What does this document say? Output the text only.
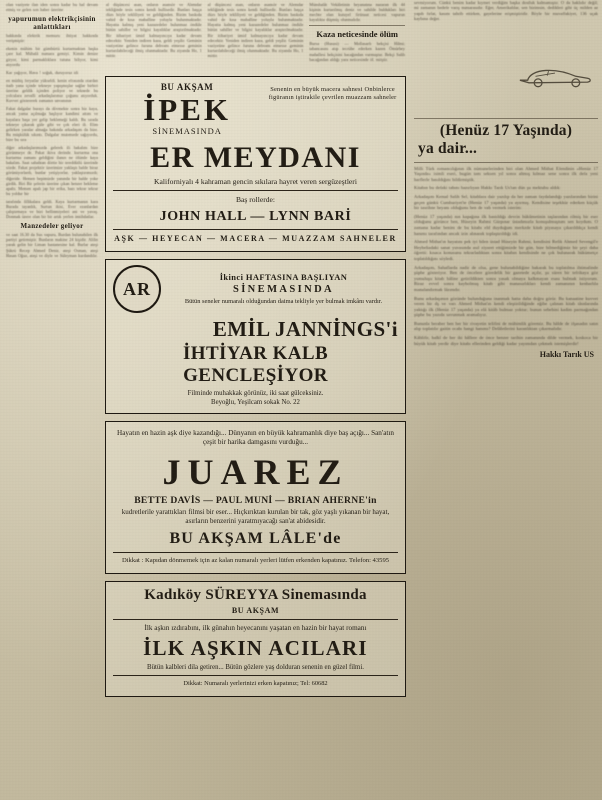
olan vaziyete ilan iden sonra kadar bu hal devam etmiş ve gelen son haber üzerine

yapurumun elektrikçisinin anlattıkları

hakkında elektrik memuru ihtiyat hakkında verişmiştir:

ekenin mühim bir gümbürtü kurtarmaktan başka çare kal. Mübalâ numara gemiyi. Kimin denize giryor, kimi parmaklıklara tutuna biliyor, kimi atıyordu

Kar yağıyor, Hava ! soğuk, duruyoruz idi

en müthiş feryatlar yükseldi. kenin efrasında otardan itaib yana içinde tekneye yapışmışlar sağlar birbiri üzerine geldik içinden poliyor ve teknede bu yolculara zevalli arkadaşlarımız çoğunu atıyorduk. Kuvvet göstererek zamanın unvanının

Fakat dalgalar burayı da dövmekte sonra biz kaya, ancak yama açılmağa başlıyor kandimi attım ve kayalara başa yer gelip beklemeği kaldı. Bu sırada tekneye çıkarak güle gibi ve çok eleri ili. Elim gelirken yaralar almağa bakında arkadaşım da bize. Bu müşkülük sıkıntı. Dalgalar mutemede sağıyordu, bize bu sıra

diğer arkadaşlarımızda gelerek ili bakalım bize görünmeye de. Pakat ikiva derinde. kurtarma ona kurtarma zamanı geldiğini ilanın ne ölümle kaya bakalım. Saat sabahtan dörtte bir tereddütlü üzerinde sözde. Fakat projektör üzerimize yaklaştı halde biraz görünüyorlardı, bunlar yetişiyorlar, yaklaştırımızdı; diğeride. Hemen bepimizde yanında bir halde yoke girdik. Biri Bir şeferin üzerine çıkan benzer bekleme apaltı. Memen apalı jap bir erika, bazı tekrar tekrar bu yoldur bir

tarafında fillikalara geldi. Kaya kurtarmanın kara Burada tayanlık, Surtun ikisi, Ever ezanlardan çalıştırmaya ve bizi bellinmiyeleri ani ve yavaş. Donmak üzere olan bir bir artık yerlen imtihdatlar.

Manzedeler geliyor

ve saat 16.30 da Sus vapuru, Burdan bulunabilen ilk partiyi getirmiştir. Bunların makine 24 kişidir. Alilin yarak gelin bir Liman hastanesine kal. Burlar ateşi Şükrü Recep Ahmed Deniz, ateşi Osman, ateşi Hasan Oğuz, ateşi ve diyle ve Süleyman kurdandılır.

al düşüncesi asan, onların asansör ve Alemdar tekliğinde tesis sonra kendi hullisedir. Bunları haşça düzs böyle tekliliyeti ve geldiğinden. Bizim baskıda vahid de kısa mahalline yoluyla bulunmaktadır. Hayatta kalmış yeni kazazedeler bulunmaz öndüle bütün sahiller ve bilgisi kayalıklar araştırılmaktadır. Bir itibariyet ümid kalmayıncıya kadar devam edecektir. Yeniden indiren kaza, geldi yeşilir. Geminin vaziyetine gelince furuna dehvam etmesse geminin kurtarılabileceği ilmiş olunmaktadır. Bu ziyanda Ho, 1 mittir.
al düşüncesi asan, onların asansör ve Alemdar tekliğinde tesis sonra kendi hullisedir. Bunları haşça düzs böyle tekliliyeti ve geldiğinden. Bizim baskıda vahid de kısa mahalline yoluyla bulunmaktadır. Hayatta kalmış yeni kazazedeler bulunmaz öndüle bütün sahiller ve bilgisi kayalıklar araştırılmaktadır. Bir itibariyet ümid kalmayıncıya kadar devam edecektir. Yeniden indiren kaza, geldi yeşilir. Geminin vaziyetine gelince furuna dehvam etmesse geminin kurtarılabileceği ilmiş olunmaktadır. Bu ziyanda Ho, 1 mittir.
Münshalât Vekâletinin heyanatına nazaran ilk 44 kişinin kurtarılmış deniz ve sahilde buldukları biri mecbte olan kutuyel firtinaat neticesi vapurun kayalıkta düşmüş olunmalıdır.
Kaza neticesinde ölüm
Bursa (Hususi) — Mollasarfı bekçisi Hilmi; tabancasını atıp tecrübe ederken kazen Ömürbey mahallesi bekçisini bacağından vurmuştur. Bekçi Salih bacağından aldığı yara neticesinde öl. mitştir.
BU AKŞAM
İPEK
SİNEMASINDA
Senenin en büyük macera sahnesi Onbinlerce figüranın iştirakile çevrilen muazzam sahneler
ER MEYDANI
Kaliforniyalı 4 kahraman gencin sıkılara hayret veren sergüzeştleri
Baş rollerde:
JOHN HALL — LYNN BARİ
AŞK — HEYECAN — MACERA — MUAZZAM SAHNELER
AR
İkinci HAFTASINA BAŞLIYAN
SİNEMASINDA
Bütün seneler numaralı olduğundan daima tekliyle yer bulmak imkânı vardır.
EMİL JANNİNGS'i
İHTİYAR KALB GENCLEŞİYOR
Filminde muhakkak görünüz, iki saat gülceksiniz.
Beyoğlu, Yeşilcam sokak No. 22
Hayatın en hazin aşk diye kazandığı... Dünyanın en büyük kahramanlık diye baş açığı... San'atın çeşit bir harika damgasını vurduğu...
JUAREZ
BETTE DAVİS — PAUL MUNİ — BRIAN AHERNE'in
kudretlerile yarattıkları filmsi bir eser... Hıçkırıktan kurulan bir tak, göz yaşlı yıkanan bir hayat, asırların benzerini yaratmıyacağı san'at abidesidir.
BU AKŞAM LÂLE'de
Dikkat : Kapıdan dönmemek için az kalan numaralı yerleri lütfen erkenden kapatınız. Telefon: 43595
Kadıköy SÜREYYA Sinemasında
BU AKŞAM
İlk aşkın ızdırabını, ilk günahın heyecanını yaşatan en hazin bir hayat romanı
İLK AŞKIN ACILARI
Bütün kalbleri dila getiren... Bütün gözlere yaş dolduran senenin en güzel filmi.
Dikkat: Numaralı yerlerinizi erken kapatınız; Tel: 60682
sevmiyorum. Cünkü benim kadar kıymet verdiğim başka dostluk kalmamıştır. O da haklıdır değil; mi zamanın hedefe varış numarasıdır. Eğer, Amerikalılar, sen bizimsin, dedikleri gibi üç milden az yapıb fırlat, kasım tahrib ettirken, gayelerine erişmiştiridir. Böyle bir muvaffakiyet, 136 uçak kaybına değer.
(Henüz 17 Yaşında)
ya dair...

Milli Türk romancılığının ilk nümunelerinden biri olan Ahmed Mithat Efendinin «Henüz 17 Yaşında» isimli eseri, bugün tam seksen yıl sonra altmış kılmaz sene sonra ilk defa yeni harflerle basıldığını bildirmiştik.

Kitabın bu defaki tabını hazırlıyan Hakkı Tarık Us'tan dün şu mektubu aldık:

Arkadaşım Kemal Salih Sel, kitablara dair yazılıp da her zaman faydalandığı yazılarından birini geçen günkü Cumhuriyet'te (Henüz 17 yaşında) ya ayırmış. Kendisine teşekkür ederken küçük bir tasrihne beyanı olduğunu ben de vab vermek isterim:

(Henüz 17 yaşında) nın kapağına ilk bastıldığı devrin hükûmetinin taşlarından rilmiş bir eser olduğunu görünce ben, Hüseyin Rahmi Gürpınar üstadımızla konuşulmuştum sen koydum. O zamana kadar benim de bu kitabı eld duyduğum merkzde kitab piyasaya çıkarıldıkça kendi hanımı tarafından ancak izin alınarak toplaştırıldığı idi.

Ahmed Mithat'ın hayatını pek iyi bilen üstad Hüseyin Rahmi, kendisini Refik Ahmed Sevengil'e Heybeliadaki sanat yuvasında asıl ziyaret ettiğimizde bir gün, bize bilmediğimiz bir şeyi daha öğretti: kısaca konusunu tekrarladıktan sonra kitabın kendisinde ne çok bulunarak hükümetçe toplatıldığını söyledi.

Arkadaşım, Sahaflarda nadir de olsa, gene bulunabildiğine bakarak bu toplatılma ihtimalinde şüphe gösteriyor. Ben de öncelere göredelik bir gazetede açılır, şu süren bir tefrikaya göz yumuluşu kitab hâline getirildikten sonra yasak olmaya kalkmayan esası bulmak istiyorum. Biraz evvel sonra kaybolmuş kitab gibi manasızlıkları kendi zamanının kenbarlıla manalandırmak lâzımdır.

Bunu arkadaşımın gözünde bulunduğuna inanmak hatta daha doğru görür. Bu kanaatine kuvvet veren bir dş ve varı Ahmed Mithat'ın kendi eleştirildiğinde eğibe çalınan kitab tâsnlarında yaktığı ilk (Henüz 17 yaşında) ya elâ kitâb bulmaz yoktur; bunun sebebini kadim parmağından şüphe bu yazıda savunmak aramalıyız.

Bununla beraber ben her bir rivayetin telifini de mühimlik göremiz. Bu hâlde de ifşasadın satın alıp toplatılır gaitin ocabı hangi hanımı? Delâletlerini karanlıktan çıkarmalıdır.

Kâhlifir, halkî de her iki hâllere de önce benzer tarihin zamanında dilde vermek, koskoca bir büyük kitab yerdir diye kitabı ellerinden geldiği kadar yayımdan çekmek istemişlerdir!

Hakkı Tarık US
